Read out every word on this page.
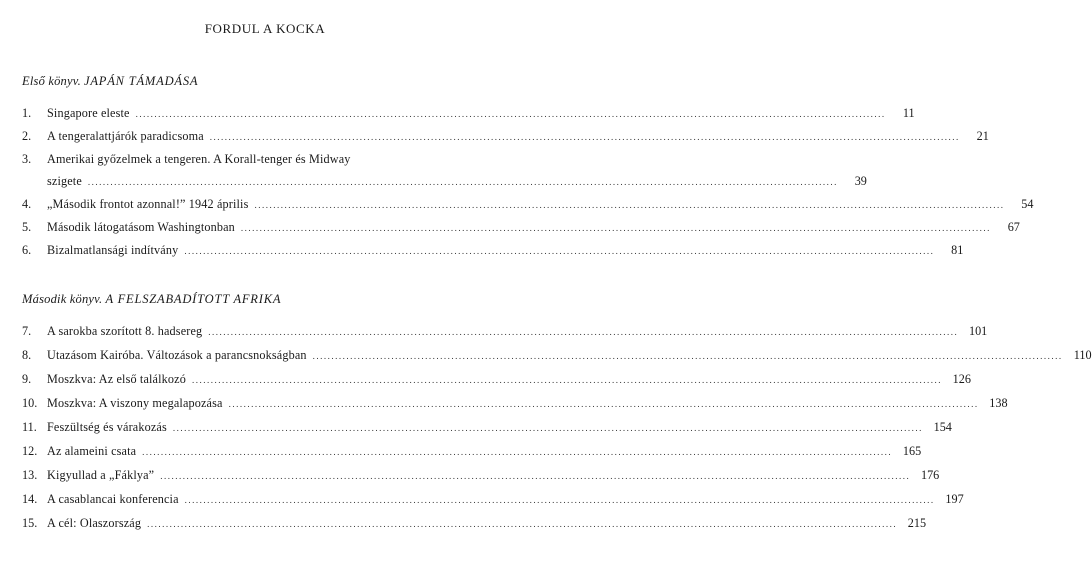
FORDUL A KOCKA
Első könyv. JAPÁN TÁMADÁSA
1. Singapore eleste ........................................................................................................................................................................................................	11
2. A tengeralattjárók paradicsoma ........................................................................................................................................................................................................	21
3. Amerikai győzelmek a tengeren. A Korall-tenger és Midway
szigete ........................................................................................................................................................................................................	39
4. „Második frontot azonnal!” 1942 április ........................................................................................................................................................................................................	54
5. Második látogatásom Washingtonban ........................................................................................................................................................................................................	67
6. Bizalmatlansági indítvány ........................................................................................................................................................................................................	81
Második könyv. A FELSZABADÍTOTT AFRIKA
7. A sarokba szorított 8. hadsereg ........................................................................................................................................................................................................ 101
8. Utazásom Kairóba. Változások a parancsnokságban ........................................................................................................................................................................................................ 110
9. Moszkva: Az első találkozó ........................................................................................................................................................................................................ 126
10. Moszkva: A viszony megalapozása ........................................................................................................................................................................................................ 138
11. Feszültség és várakozás ........................................................................................................................................................................................................ 154
12. Az alameini csata ........................................................................................................................................................................................................ 165
13. Kigyullad a „Fáklya” ........................................................................................................................................................................................................ 176
14. A casablancai konferencia ........................................................................................................................................................................................................ 197
15. A cél: Olaszország ........................................................................................................................................................................................................ 215
